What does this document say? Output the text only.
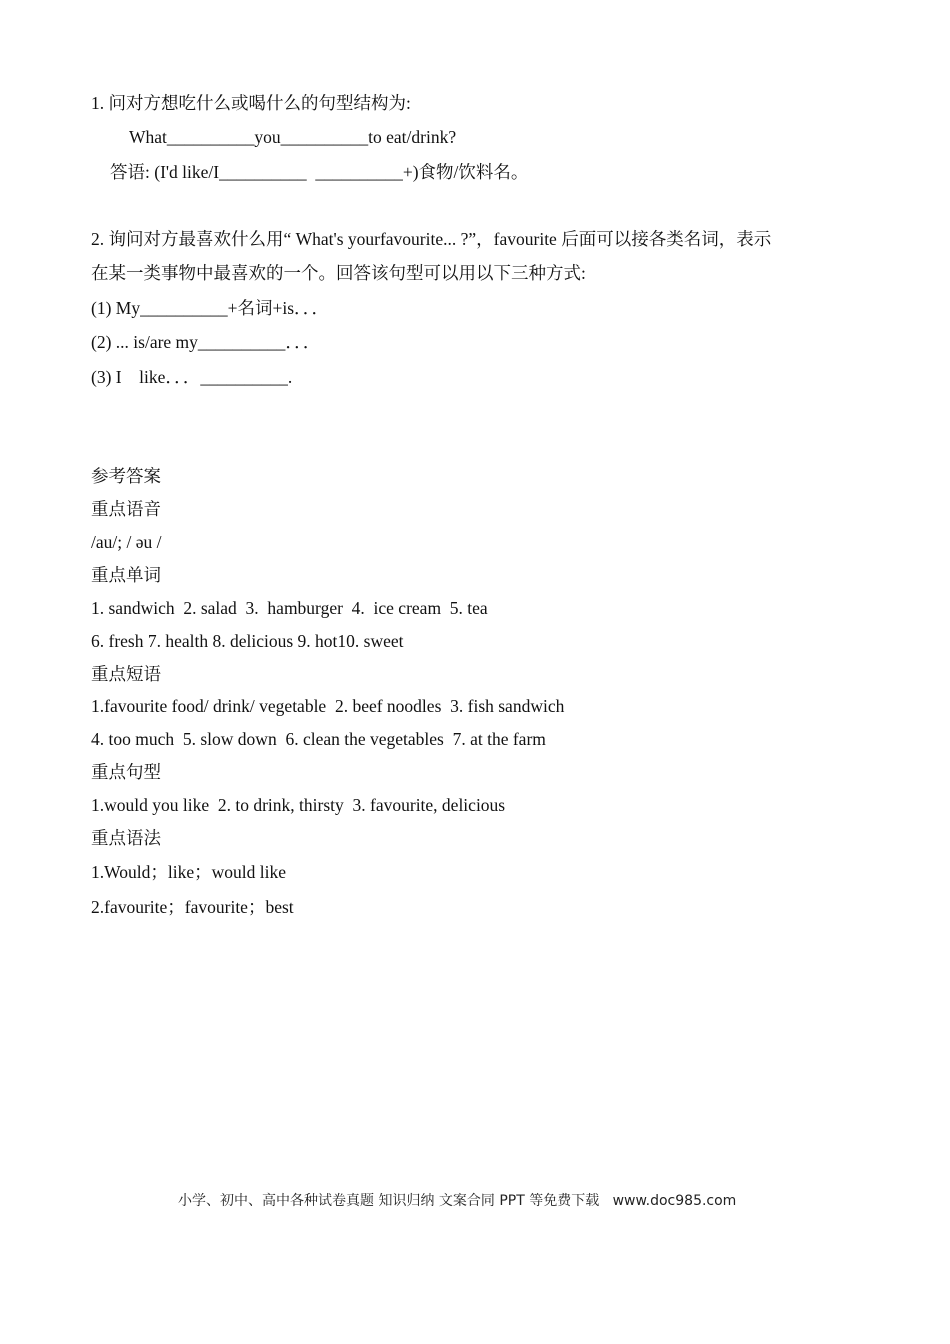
1. 问对方想吃什么或喝什么的句型结构为:
What__________you__________to eat/drink?
答语: (I'd like/I__________  __________+)食物/饮料名。
2. 询问对方最喜欢什么用“ What's yourfavourite... ?”，favourite 后面可以接各类名词，表示
在某一类事物中最喜欢的一个。回答该句型可以用以下三种方式:
(1) My__________+名词+is．．．
(2) ... is/are my__________．．．
(3) I    like．．．__________.
参考答案
重点语音
/au/; / əu /
重点单词
1. sandwich  2. salad  3.  hamburger  4.  ice cream  5. tea
6. fresh 7. health 8. delicious 9. hot10. sweet
重点短语
1.favourite food/ drink/ vegetable  2. beef noodles  3. fish sandwich
4. too much  5. slow down  6. clean the vegetables  7. at the farm
重点句型
1.would you like  2. to drink, thirsty  3. favourite, delicious
重点语法
1.Would；like；would like
2.favourite；favourite；best
小学、初中、高中各种试卷真题 知识归纳 文案合同 PPT 等免费下载   www.doc985.com
